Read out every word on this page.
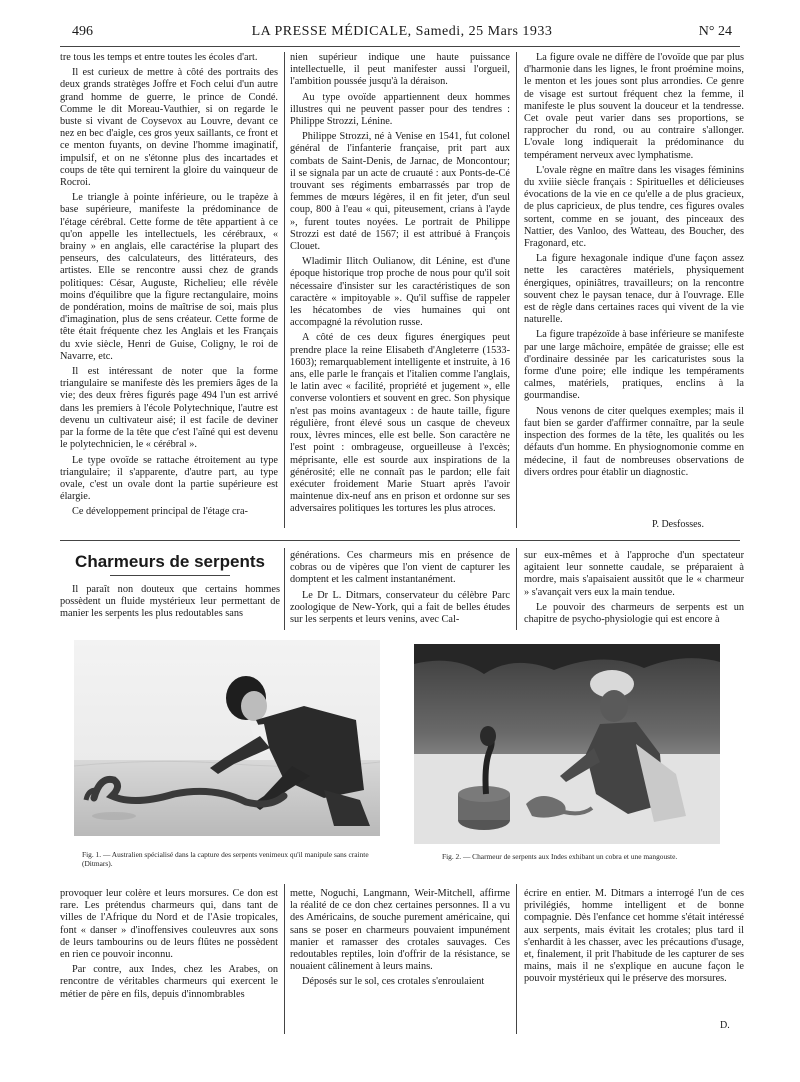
496	LA PRESSE MÉDICALE, Samedi, 25 Mars 1933	N° 24

tre tous les temps et entre toutes les écoles d'art.

Il est curieux de mettre à côté des portraits des deux grands stratèges Joffre et Foch celui d'un autre grand homme de guerre, le prince de Condé. Comme le dit Moreau-Vauthier, si on regarde le buste si vivant de Coysevox au Louvre, devant ce nez en bec d'aigle, ces gros yeux saillants, ce front et ce menton fuyants, on devine l'homme imaginatif, impulsif, et on ne s'étonne plus des incartades et coups de tête qui ternirent la gloire du vainqueur de Rocroi.

Le triangle à pointe inférieure, ou le trapèze à base supérieure, manifeste la prédominance de l'étage cérébral. Cette forme de tête appartient à ce qu'on appelle les intellectuels, les cérébraux, « brainy » en anglais, elle caractérise la plupart des penseurs, des calculateurs, des littérateurs, des artistes. Elle se rencontre aussi chez de grands politiques: César, Auguste, Richelieu; elle révèle moins d'équilibre que la figure rectangulaire, moins de pondération, moins de maîtrise de soi, mais plus d'imagination, plus de sens créateur. Cette forme de tête était fréquente chez les Anglais et les Français du xvie siècle, Henri de Guise, Coligny, le roi de Navarre, etc.

Il est intéressant de noter que la forme triangulaire se manifeste dès les premiers âges de la vie; des deux frères figurés page 494 l'un est arrivé dans les premiers à l'école Polytechnique, l'autre est devenu un cultivateur aisé; il est facile de deviner par la forme de la tête que c'est l'aîné qui est devenu le polytechnicien, le « cérébral ».

Le type ovoïde se rattache étroitement au type triangulaire; il s'apparente, d'autre part, au type ovale, c'est un ovale dont la partie supérieure est élargie.

Ce développement principal de l'étage cra-

nien supérieur indique une haute puissance intellectuelle, il peut manifester aussi l'orgueil, l'ambition poussée jusqu'à la déraison.

Au type ovoïde appartiennent deux hommes illustres qui ne peuvent passer pour des tendres : Philippe Strozzi, Lénine.

Philippe Strozzi, né à Venise en 1541, fut colonel général de l'infanterie française, prit part aux combats de Saint-Denis, de Jarnac, de Moncontour; il se signala par un acte de cruauté : aux Ponts-de-Cé trouvant ses régiments embarrassés par trop de femmes de mœurs légères, il en fit jeter, d'un seul coup, 800 à l'eau « qui, piteusement, crians à l'ayde », furent toutes noyées. Le portrait de Philippe Strozzi est daté de 1567; il est attribué à François Clouet.

Wladimir Ilitch Oulianow, dit Lénine, est d'une époque historique trop proche de nous pour qu'il soit nécessaire d'insister sur les caractéristiques de son caractère « impitoyable ». Qu'il suffise de rappeler les hécatombes de vies humaines qui ont accompagné la révolution russe.

A côté de ces deux figures énergiques peut prendre place la reine Elisabeth d'Angleterre (1533-1603); remarquablement intelligente et instruite, à 16 ans, elle parle le français et l'italien comme l'anglais, le latin avec « facilité, propriété et jugement », elle converse volontiers et souvent en grec. Son physique n'est pas moins avantageux : de haute taille, figure régulière, front élevé sous un casque de cheveux roux, lèvres minces, elle est belle. Son caractère ne l'est point : ombrageuse, orgueilleuse à l'excès; méprisante, elle est sourde aux inspirations de la générosité; elle ne connaît pas le pardon; elle fait exécuter froidement Marie Stuart après l'avoir maintenue dix-neuf ans en prison et ordonne sur ses adversaires politiques les tortures les plus atroces.

La figure ovale ne diffère de l'ovoïde que par plus d'harmonie dans les lignes, le front proémine moins, le menton et les joues sont plus arrondies. Ce genre de visage est surtout fréquent chez la femme, il manifeste le plus souvent la douceur et la tendresse. Cet ovale peut varier dans ses proportions, se rapprocher du rond, ou au contraire s'allonger. L'ovale long indiquerait la prédominance du tempérament nerveux avec lymphatisme.

L'ovale règne en maître dans les visages féminins du xviiie siècle français : Spirituelles et délicieuses évocations de la vie en ce qu'elle a de plus gracieux, de plus capricieux, de plus tendre, ces figures ovales sortent, comme en se jouant, des pinceaux des Nattier, des Vanloo, des Watteau, des Boucher, des Fragonard, etc.

La figure hexagonale indique d'une façon assez nette les caractères matériels, physiquement énergiques, opiniâtres, travailleurs; on la rencontre souvent chez le paysan tenace, dur à l'ouvrage. Elle est de règle dans certaines races qui vivent de la vie naturelle.

La figure trapézoïde à base inférieure se manifeste par une large mâchoire, empâtée de graisse; elle est d'ordinaire dessinée par les caricaturistes sous la forme d'une poire; elle indique les tempéraments calmes, matériels, pratiques, enclins à la gourmandise.

Nous venons de citer quelques exemples; mais il faut bien se garder d'affirmer connaître, par la seule inspection des formes de la tête, les qualités ou les défauts d'un homme. En physiognomonie comme en médecine, il faut de nombreuses observations de divers ordres pour établir un diagnostic.

P. Desfosses.
Charmeurs de serpents

Il paraît non douteux que certains hommes possèdent un fluide mystérieux leur permettant de manier les serpents les plus redoutables sans

générations. Ces charmeurs mis en présence de cobras ou de vipères que l'on vient de capturer les domptent et les calment instantanément.

Le Dr L. Ditmars, conservateur du célèbre Parc zoologique de New-York, qui a fait de belles études sur les serpents et leurs venins, avec Cal-

sur eux-mêmes et à l'approche d'un spectateur agitaient leur sonnette caudale, se préparaient à mordre, mais s'apaisaient aussitôt que le « charmeur » s'avançait vers eux la main tendue.

Le pouvoir des charmeurs de serpents est un chapitre de psycho-physiologie qui est encore à

Fig. 1. — Australien spécialisé dans la capture des serpents venimeux qu'il manipule sans crainte (Ditmars).
Fig. 2. — Charmeur de serpents aux Indes exhibant un cobra et une mangouste.

provoquer leur colère et leurs morsures. Ce don est rare. Les prétendus charmeurs qui, dans tant de villes de l'Afrique du Nord et de l'Asie tropicales, font « danser » d'inoffensives couleuvres aux sons de leurs tambourins ou de leurs flûtes ne possèdent en rien ce pouvoir inconnu.

Par contre, aux Indes, chez les Arabes, on rencontre de véritables charmeurs qui exercent le métier de père en fils, depuis d'innombrables

mette, Noguchi, Langmann, Weir-Mitchell, affirme la réalité de ce don chez certaines personnes. Il a vu des Américains, de souche purement américaine, qui sans se poser en charmeurs pouvaient impunément manier et ramasser des crotales sauvages. Ces redoutables reptiles, loin d'offrir de la résistance, se nouaient câlinement à leurs mains.

Déposés sur le sol, ces crotales s'enroulaient

écrire en entier. M. Ditmars a interrogé l'un de ces privilégiés, homme intelligent et de bonne compagnie. Dès l'enfance cet homme s'était intéressé aux serpents, mais évitait les crotales; plus tard il s'enhardit à les chasser, avec les précautions d'usage, et, finalement, il prit l'habitude de les capturer de ses mains, mais il ne s'explique en aucune façon le pouvoir mystérieux qui le préserve des morsures.

D.
